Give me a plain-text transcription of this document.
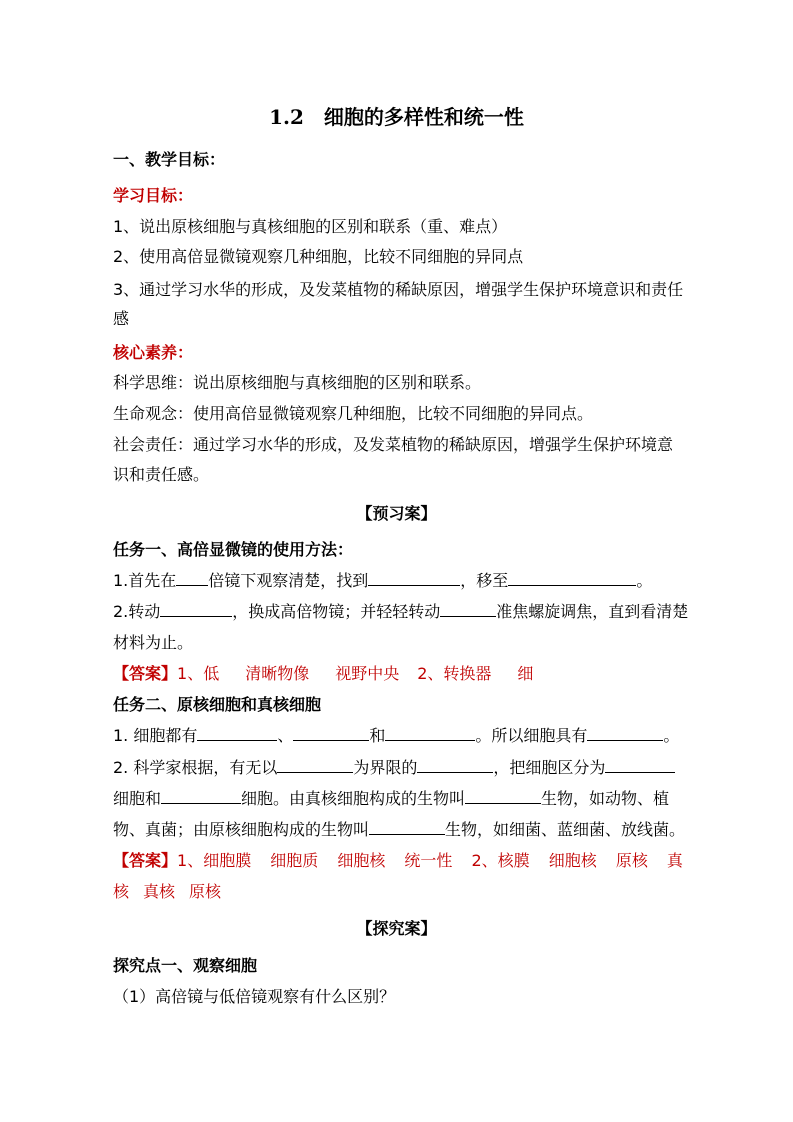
1.2　细胞的多样性和统一性
一、教学目标：
学习目标：
1、说出原核细胞与真核细胞的区别和联系（重、难点）
2、使用高倍显微镜观察几种细胞，比较不同细胞的异同点
3、通过学习水华的形成，及发菜植物的稀缺原因，增强学生保护环境意识和责任
感
核心素养：
科学思维：说出原核细胞与真核细胞的区别和联系。
生命观念：使用高倍显微镜观察几种细胞，比较不同细胞的异同点。
社会责任：通过学习水华的形成，及发菜植物的稀缺原因，增强学生保护环境意
识和责任感。
【预习案】
任务一、高倍显微镜的使用方法：
1.首先在 倍镜下观察清楚，找到	，移至	。
2.转动	，换成高倍物镜；并轻轻转动	准焦螺旋调焦，直到看清楚
材料为止。
【答案】1、低 清晰物像 视野中央 2、转换器 细
任务二、原核细胞和真核细胞
1. 细胞都有	、	和	。所以细胞具有	。
2. 科学家根据，有无以	为界限的	，把细胞区分为
细胞和	细胞。由真核细胞构成的生物叫	生物，如动物、植
物、真菌；由原核细胞构成的生物叫	生物，如细菌、蓝细菌、放线菌。
【答案】1、细胞膜 细胞质 细胞核 统一性 2、核膜 细胞核 原核 真
核 真核 原核
【探究案】
探究点一、观察细胞
（1）高倍镜与低倍镜观察有什么区别？
